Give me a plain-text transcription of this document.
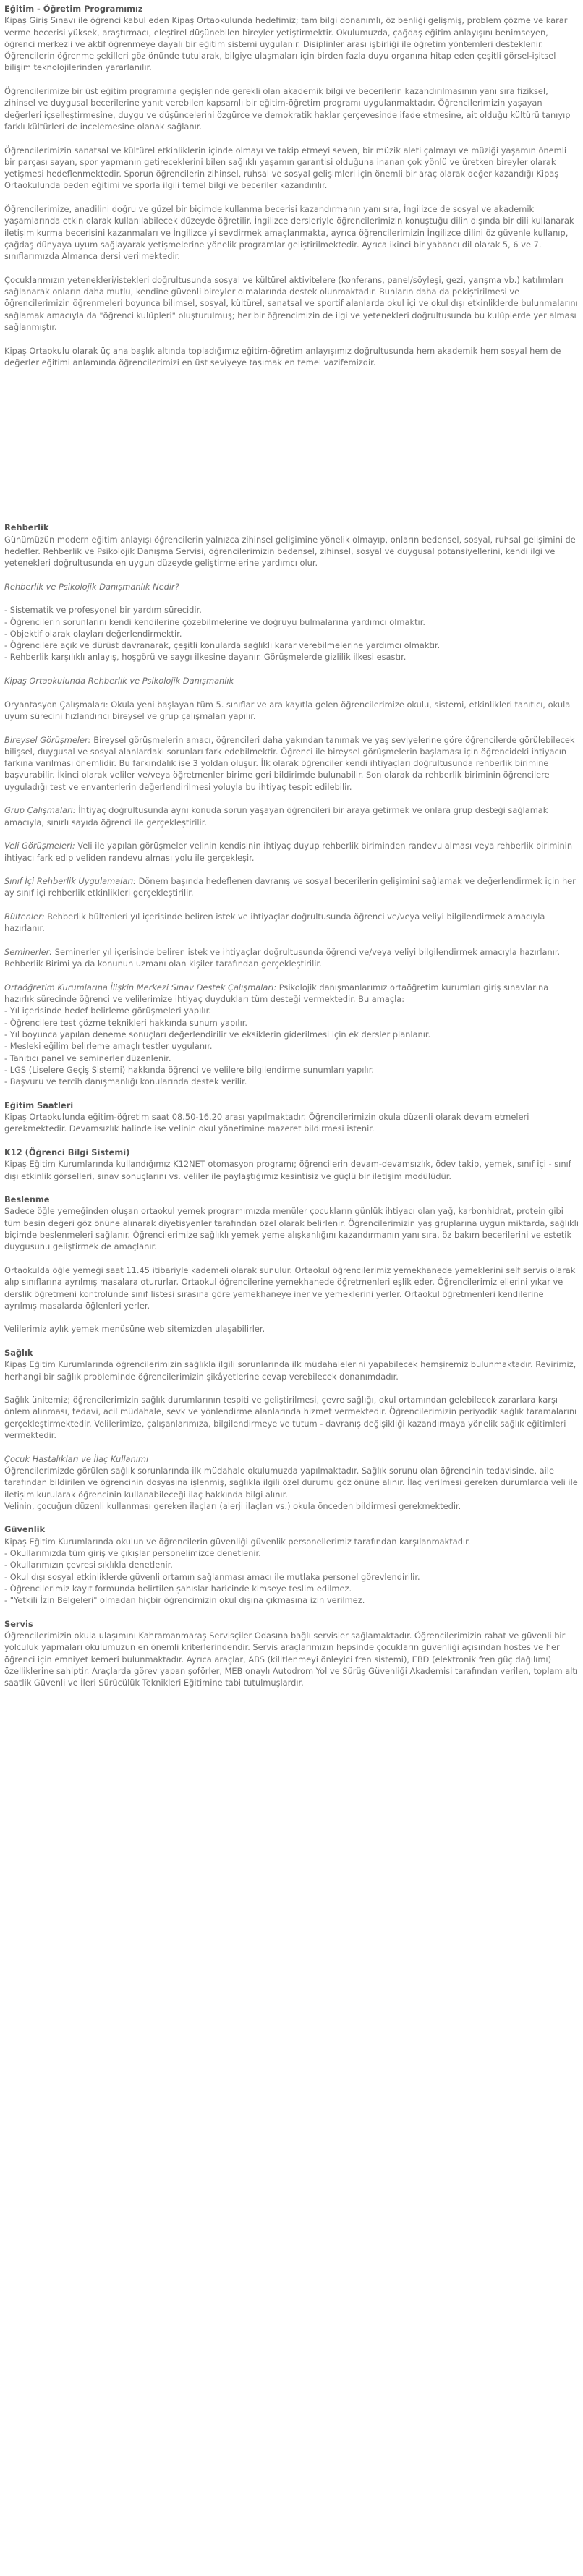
Eğitim - Öğretim Programımız

Kipaş Giriş Sınavı ile öğrenci kabul eden Kipaş Ortaokulunda hedefimiz; tam bilgi donanımlı, öz benliği gelişmiş, problem çözme ve karar verme becerisi yüksek, araştırmacı, eleştirel düşünebilen bireyler yetiştirmektir. Okulumuzda, çağdaş eğitim anlayışını benimseyen, öğrenci merkezli ve aktif öğrenmeye dayalı bir eğitim sistemi uygulanır. Disiplinler arası işbirliği ile öğretim yöntemleri desteklenir. Öğrencilerin öğrenme şekilleri göz önünde tutularak, bilgiye ulaşmaları için birden fazla duyu organına hitap eden çeşitli görsel-işitsel bilişim teknolojilerinden yararlanılır.

Öğrencilerimize bir üst eğitim programına geçişlerinde gerekli olan akademik bilgi ve becerilerin kazandırılmasının yanı sıra fiziksel, zihinsel ve duygusal becerilerine yanıt verebilen kapsamlı bir eğitim-öğretim programı uygulanmaktadır. Öğrencilerimizin yaşayan değerleri içselleştirmesine, duygu ve düşüncelerini özgürce ve demokratik haklar çerçevesinde ifade etmesine, ait olduğu kültürü tanıyıp farklı kültürleri de incelemesine olanak sağlanır.

Öğrencilerimizin sanatsal ve kültürel etkinliklerin içinde olmayı ve takip etmeyi seven, bir müzik aleti çalmayı ve müziği yaşamın önemli bir parçası sayan, spor yapmanın getireceklerini bilen sağlıklı yaşamın garantisi olduğuna inanan çok yönlü ve üretken bireyler olarak yetişmesi hedeflenmektedir. Sporun öğrencilerin zihinsel, ruhsal ve sosyal gelişimleri için önemli bir araç olarak değer kazandığı Kipaş Ortaokulunda beden eğitimi ve sporla ilgili temel bilgi ve beceriler kazandırılır.

Öğrencilerimize, anadilini doğru ve güzel bir biçimde kullanma becerisi kazandırmanın yanı sıra, İngilizce de sosyal ve akademik yaşamlarında etkin olarak kullanılabilecek düzeyde öğretilir. İngilizce dersleriyle öğrencilerimizin konuştuğu dilin dışında bir dili kullanarak iletişim kurma becerisini kazanmaları ve İngilizce'yi sevdirmek amaçlanmakta, ayrıca öğrencilerimizin İngilizce dilini öz güvenle kullanıp, çağdaş dünyaya uyum sağlayarak yetişmelerine yönelik programlar geliştirilmektedir. Ayrıca ikinci bir yabancı dil olarak 5, 6 ve 7. sınıflarımızda Almanca dersi verilmektedir.

Çocuklarımızın yetenekleri/istekleri doğrultusunda sosyal ve kültürel aktivitelere (konferans, panel/söyleşi, gezi, yarışma vb.) katılımları sağlanarak onların daha mutlu, kendine güvenli bireyler olmalarında destek olunmaktadır. Bunların daha da pekiştirilmesi ve öğrencilerimizin öğrenmeleri boyunca bilimsel, sosyal, kültürel, sanatsal ve sportif alanlarda okul içi ve okul dışı etkinliklerde bulunmalarını sağlamak amacıyla da "öğrenci kulüpleri" oluşturulmuş; her bir öğrencimizin de ilgi ve yetenekleri doğrultusunda bu kulüplerde yer alması sağlanmıştır.

Kipaş Ortaokulu olarak üç ana başlık altında topladığımız eğitim-öğretim anlayışımız doğrultusunda hem akademik hem sosyal hem de değerler eğitimi anlamında öğrencilerimizi en üst seviyeye taşımak en temel vazifemizdir.

Rehberlik

Günümüzün modern eğitim anlayışı öğrencilerin yalnızca zihinsel gelişimine yönelik olmayıp, onların bedensel, sosyal, ruhsal gelişimini de hedefler. Rehberlik ve Psikolojik Danışma Servisi, öğrencilerimizin bedensel, zihinsel, sosyal ve duygusal potansiyellerini, kendi ilgi ve yetenekleri doğrultusunda en uygun düzeyde geliştirmelerine yardımcı olur.

Rehberlik ve Psikolojik Danışmanlık Nedir?

- Sistematik ve profesyonel bir yardım sürecidir.
- Öğrencilerin sorunlarını kendi kendilerine çözebilmelerine ve doğruyu bulmalarına yardımcı olmaktır.
- Objektif olarak olayları değerlendirmektir.
- Öğrencilere açık ve dürüst davranarak, çeşitli konularda sağlıklı karar verebilmelerine yardımcı olmaktır.
- Rehberlik karşılıklı anlayış, hoşgörü ve saygı ilkesine dayanır. Görüşmelerde gizlilik ilkesi esastır.

Kipaş Ortaokulunda Rehberlik ve Psikolojik Danışmanlık

Oryantasyon Çalışmaları: Okula yeni başlayan tüm 5. sınıflar ve ara kayıtla gelen öğrencilerimize okulu, sistemi, etkinlikleri tanıtıcı, okula uyum sürecini hızlandırıcı bireysel ve grup çalışmaları yapılır.

Bireysel Görüşmeler: Bireysel görüşmelerin amacı, öğrencileri daha yakından tanımak ve yaş seviyelerine göre öğrencilerde görülebilecek bilişsel, duygusal ve sosyal alanlardaki sorunları fark edebilmektir. Öğrenci ile bireysel görüşmelerin başlaması için öğrencideki ihtiyacın farkına varılması önemlidir. Bu farkındalık ise 3 yoldan oluşur. İlk olarak öğrenciler kendi ihtiyaçları doğrultusunda rehberlik birimine başvurabilir. İkinci olarak veliler ve/veya öğretmenler birime geri bildirimde bulunabilir. Son olarak da rehberlik biriminin öğrencilere uyguladığı test ve envanterlerin değerlendirilmesi yoluyla bu ihtiyaç tespit edilebilir.

Grup Çalışmaları: İhtiyaç doğrultusunda aynı konuda sorun yaşayan öğrencileri bir araya getirmek ve onlara grup desteği sağlamak amacıyla, sınırlı sayıda öğrenci ile gerçekleştirilir.

Veli Görüşmeleri: Veli ile yapılan görüşmeler velinin kendisinin ihtiyaç duyup rehberlik biriminden randevu alması veya rehberlik biriminin ihtiyacı fark edip veliden randevu alması yolu ile gerçekleşir.

Sınıf İçi Rehberlik Uygulamaları: Dönem başında hedeflenen davranış ve sosyal becerilerin gelişimini sağlamak ve değerlendirmek için her ay sınıf içi rehberlik etkinlikleri gerçekleştirilir.

Bültenler: Rehberlik bültenleri yıl içerisinde beliren istek ve ihtiyaçlar doğrultusunda öğrenci ve/veya veliyi bilgilendirmek amacıyla hazırlanır.

Seminerler: Seminerler yıl içerisinde beliren istek ve ihtiyaçlar doğrultusunda öğrenci ve/veya veliyi bilgilendirmek amacıyla hazırlanır. Rehberlik Birimi ya da konunun uzmanı olan kişiler tarafından gerçekleştirilir.

Ortaöğretim Kurumlarına İlişkin Merkezi Sınav Destek Çalışmaları: Psikolojik danışmanlarımız ortaöğretim kurumları giriş sınavlarına hazırlık sürecinde öğrenci ve velilerimize ihtiyaç duydukları tüm desteği vermektedir. Bu amaçla:

- Yıl içerisinde hedef belirleme görüşmeleri yapılır.
- Öğrencilere test çözme teknikleri hakkında sunum yapılır.
- Yıl boyunca yapılan deneme sonuçları değerlendirilir ve eksiklerin giderilmesi için ek dersler planlanır.
- Mesleki eğilim belirleme amaçlı testler uygulanır.
- Tanıtıcı panel ve seminerler düzenlenir.
- LGS (Liselere Geçiş Sistemi) hakkında öğrenci ve velilere bilgilendirme sunumları yapılır.
- Başvuru ve tercih danışmanlığı konularında destek verilir.

Eğitim Saatleri

Kipaş Ortaokulunda eğitim-öğretim saat 08.50-16.20 arası yapılmaktadır. Öğrencilerimizin okula düzenli olarak devam etmeleri gerekmektedir. Devamsızlık halinde ise velinin okul yönetimine mazeret bildirmesi istenir.

K12 (Öğrenci Bilgi Sistemi)

Kipaş Eğitim Kurumlarında kullandığımız K12NET otomasyon programı; öğrencilerin devam-devamsızlık, ödev takip, yemek, sınıf içi - sınıf dışı etkinlik görselleri, sınav sonuçlarını vs. veliler ile paylaştığımız kesintisiz ve güçlü bir iletişim modülüdür.

Beslenme

Sadece öğle yemeğinden oluşan ortaokul yemek programımızda menüler çocukların günlük ihtiyacı olan yağ, karbonhidrat, protein gibi tüm besin değeri göz önüne alınarak diyetisyenler tarafından özel olarak belirlenir. Öğrencilerimizin yaş gruplarına uygun miktarda, sağlıklı biçimde beslenmeleri sağlanır. Öğrencilerimize sağlıklı yemek yeme alışkanlığını kazandırmanın yanı sıra, öz bakım becerilerini ve estetik duygusunu geliştirmek de amaçlanır.

Ortaokulda öğle yemeği saat 11.45 itibariyle kademeli olarak sunulur. Ortaokul öğrencilerimiz yemekhanede yemeklerini self servis olarak alıp sınıflarına ayrılmış masalara otururlar. Ortaokul öğrencilerine yemekhanede öğretmenleri eşlik eder. Öğrencilerimiz ellerini yıkar ve derslik öğretmeni kontrolünde sınıf listesi sırasına göre yemekhaneye iner ve yemeklerini yerler. Ortaokul öğretmenleri kendilerine ayrılmış masalarda öğlenleri yerler.

Velilerimiz aylık yemek menüsüne web sitemizden ulaşabilirler.

Sağlık

Kipaş Eğitim Kurumlarında öğrencilerimizin sağlıkla ilgili sorunlarında ilk müdahalelerini yapabilecek hemşiremiz bulunmaktadır. Revirimiz, herhangi bir sağlık probleminde öğrencilerimizin şikâyetlerine cevap verebilecek donanımdadır.

Sağlık ünitemiz; öğrencilerimizin sağlık durumlarının tespiti ve geliştirilmesi, çevre sağlığı, okul ortamından gelebilecek zararlara karşı önlem alınması, tedavi, acil müdahale, sevk ve yönlendirme alanlarında hizmet vermektedir. Öğrencilerimizin periyodik sağlık taramalarını gerçekleştirmektedir. Velilerimize, çalışanlarımıza, bilgilendirmeye ve tutum - davranış değişikliği kazandırmaya yönelik sağlık eğitimleri vermektedir.

Çocuk Hastalıkları ve İlaç Kullanımı

Öğrencilerimizde görülen sağlık sorunlarında ilk müdahale okulumuzda yapılmaktadır. Sağlık sorunu olan öğrencinin tedavisinde, aile tarafından bildirilen ve öğrencinin dosyasına işlenmiş, sağlıkla ilgili özel durumu göz önüne alınır. İlaç verilmesi gereken durumlarda veli ile iletişim kurularak öğrencinin kullanabileceği ilaç hakkında bilgi alınır.

Velinin, çocuğun düzenli kullanması gereken ilaçları (alerji ilaçları vs.) okula önceden bildirmesi gerekmektedir.

Güvenlik

Kipaş Eğitim Kurumlarında okulun ve öğrencilerin güvenliği güvenlik personellerimiz tarafından karşılanmaktadır.

- Okullarımızda tüm giriş ve çıkışlar personelimizce denetlenir.
- Okullarımızın çevresi sıklıkla denetlenir.
- Okul dışı sosyal etkinliklerde güvenli ortamın sağlanması amacı ile mutlaka personel görevlendirilir.
- Öğrencilerimiz kayıt formunda belirtilen şahıslar haricinde kimseye teslim edilmez.
- "Yetkili İzin Belgeleri" olmadan hiçbir öğrencimizin okul dışına çıkmasına izin verilmez.

Servis

Öğrencilerimizin okula ulaşımını Kahramanmaraş Servisçiler Odasına bağlı servisler sağlamaktadır. Öğrencilerimizin rahat ve güvenli bir yolculuk yapmaları okulumuzun en önemli kriterlerindendir. Servis araçlarımızın hepsinde çocukların güvenliği açısından hostes ve her öğrenci için emniyet kemeri bulunmaktadır. Ayrıca araçlar, ABS (kilitlenmeyi önleyici fren sistemi), EBD (elektronik fren güç dağılımı) özelliklerine sahiptir. Araçlarda görev yapan şoförler, MEB onaylı Autodrom Yol ve Sürüş Güvenliği Akademisi tarafından verilen, toplam altı saatlik Güvenli ve İleri Sürücülük Teknikleri Eğitimine tabi tutulmuşlardır.
